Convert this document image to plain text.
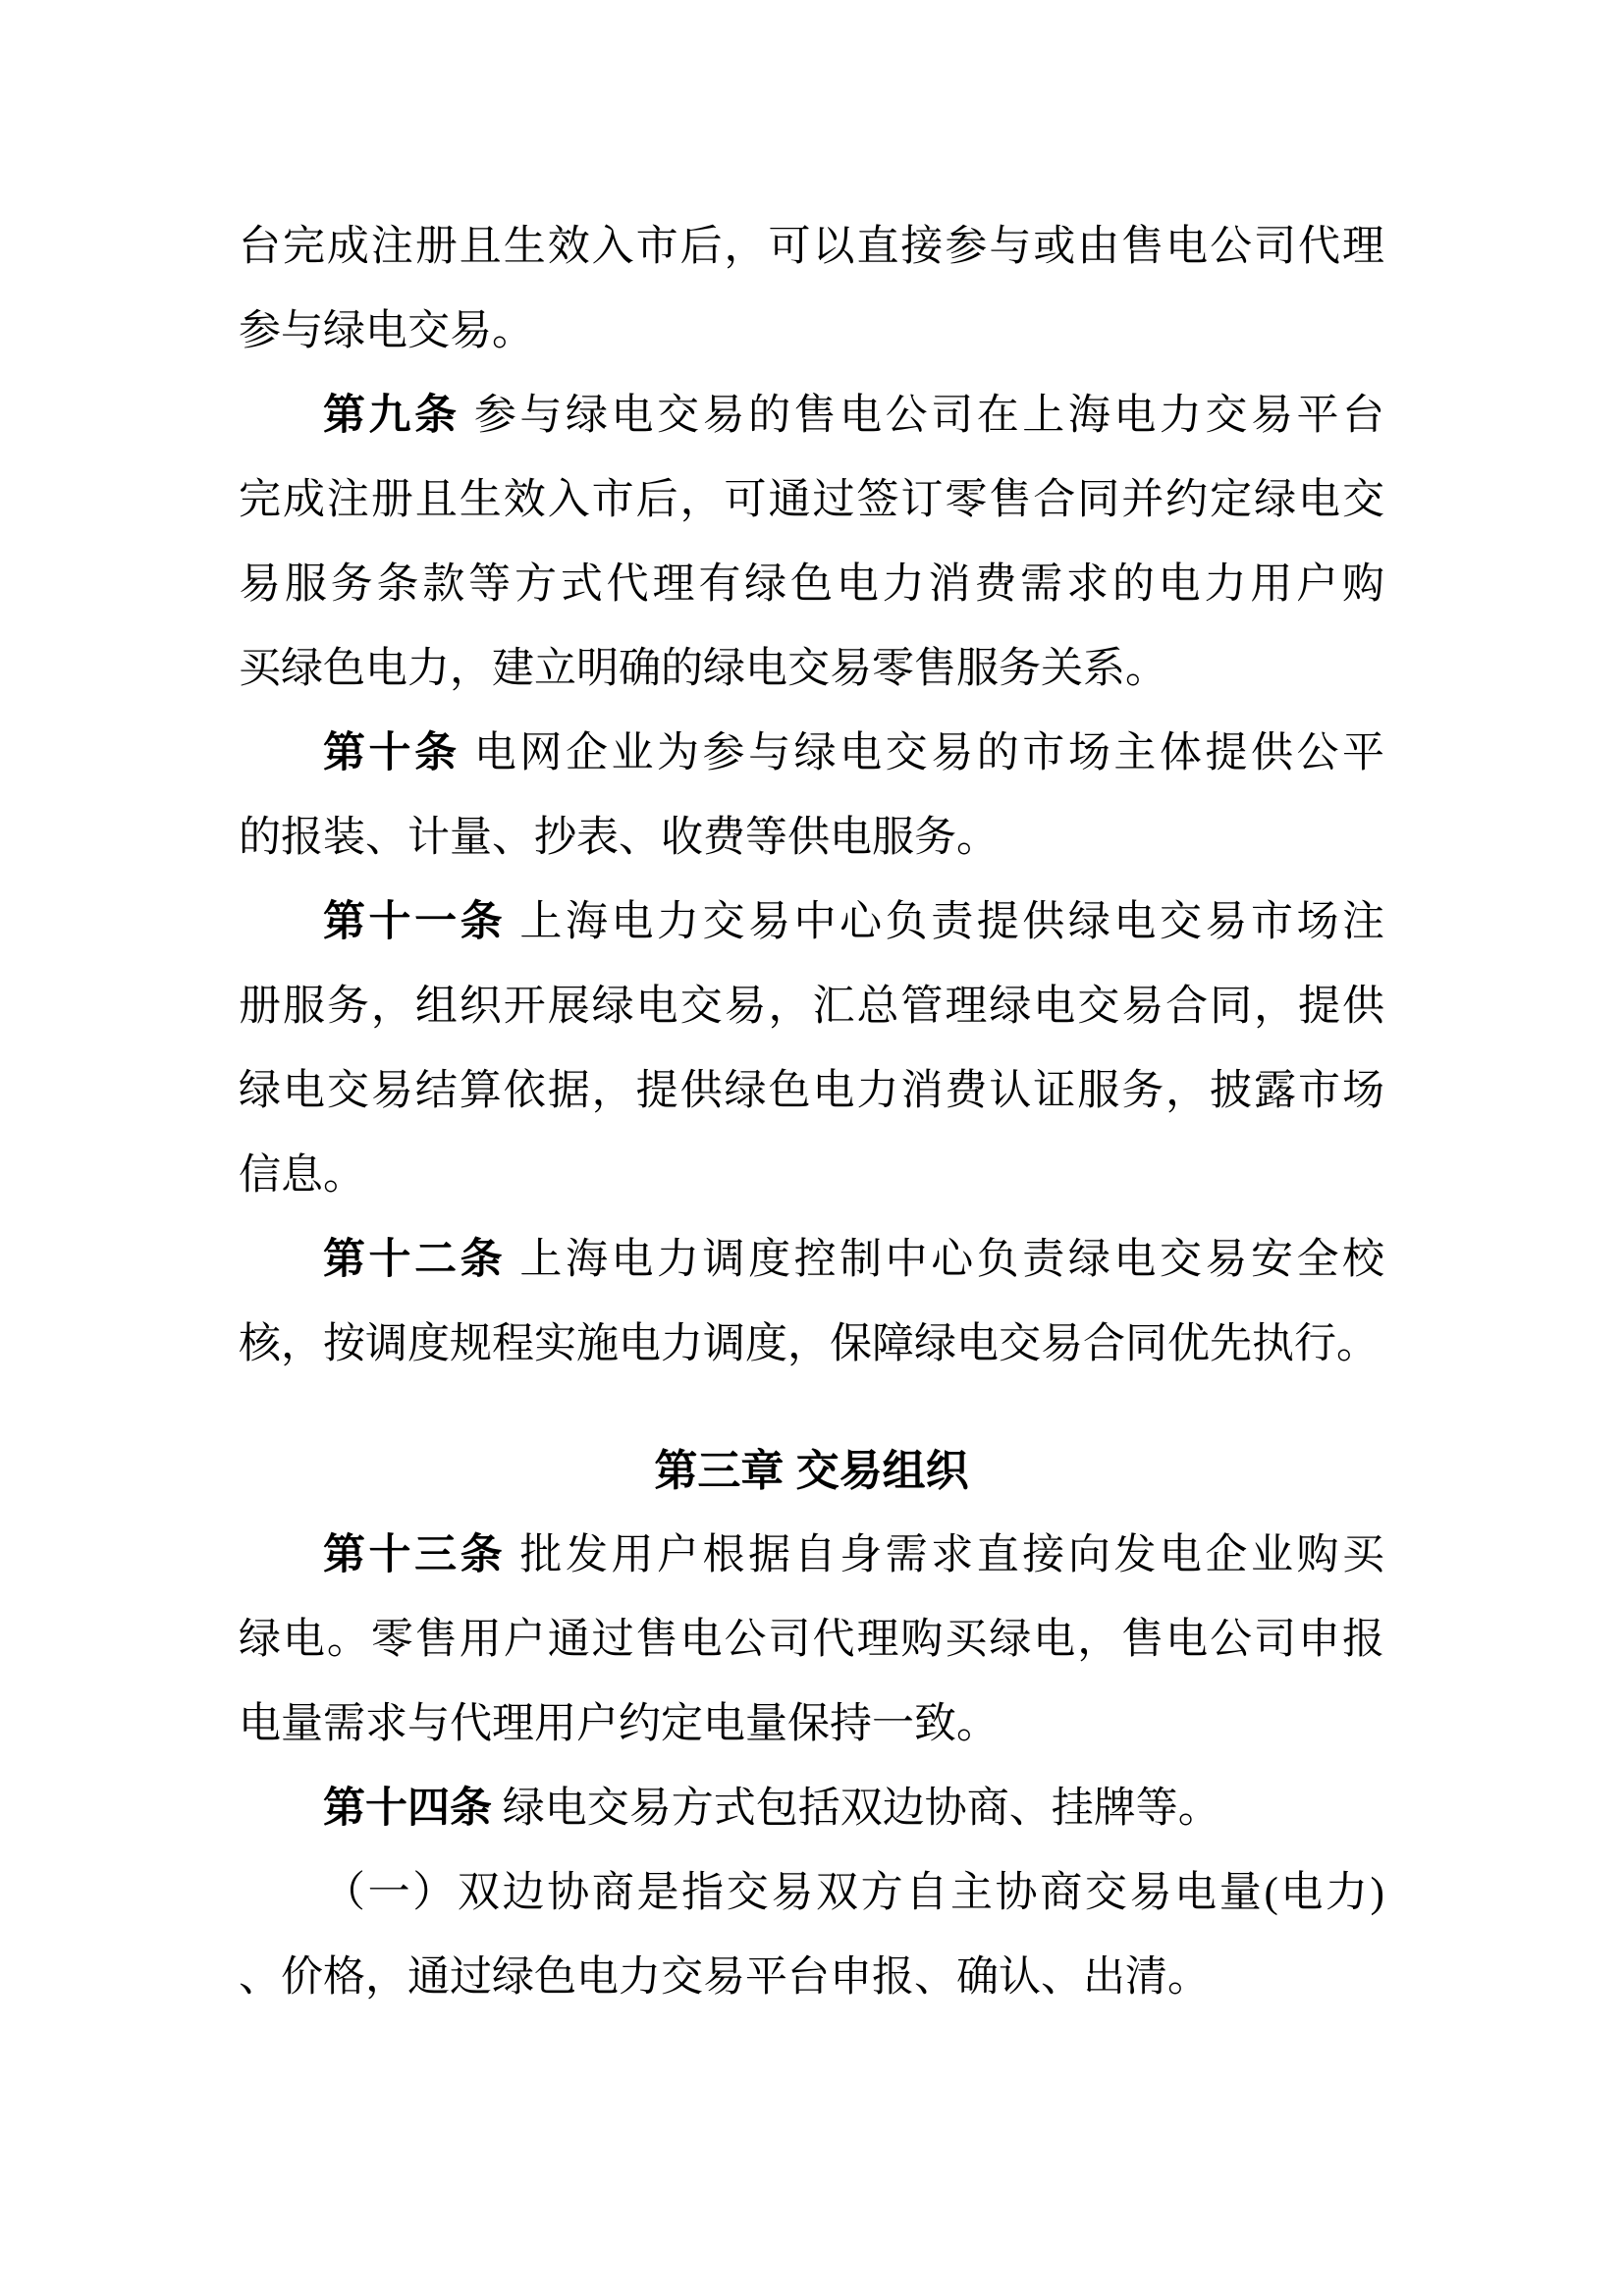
台完成注册且生效入市后，可以直接参与或由售电公司代理
参与绿电交易。
第九条 参与绿电交易的售电公司在上海电力交易平台
完成注册且生效入市后，可通过签订零售合同并约定绿电交
易服务条款等方式代理有绿色电力消费需求的电力用户购
买绿色电力，建立明确的绿电交易零售服务关系。
第十条 电网企业为参与绿电交易的市场主体提供公平
的报装、计量、抄表、收费等供电服务。
第十一条 上海电力交易中心负责提供绿电交易市场注
册服务，组织开展绿电交易，汇总管理绿电交易合同，提供
绿电交易结算依据，提供绿色电力消费认证服务，披露市场
信息。
第十二条 上海电力调度控制中心负责绿电交易安全校
核，按调度规程实施电力调度，保障绿电交易合同优先执行。
第三章 交易组织
第十三条 批发用户根据自身需求直接向发电企业购买
绿电。零售用户通过售电公司代理购买绿电，售电公司申报
电量需求与代理用户约定电量保持一致。
第十四条 绿电交易方式包括双边协商、挂牌等。
（一）双边协商是指交易双方自主协商交易电量(电力)
、价格，通过绿色电力交易平台申报、确认、出清。
